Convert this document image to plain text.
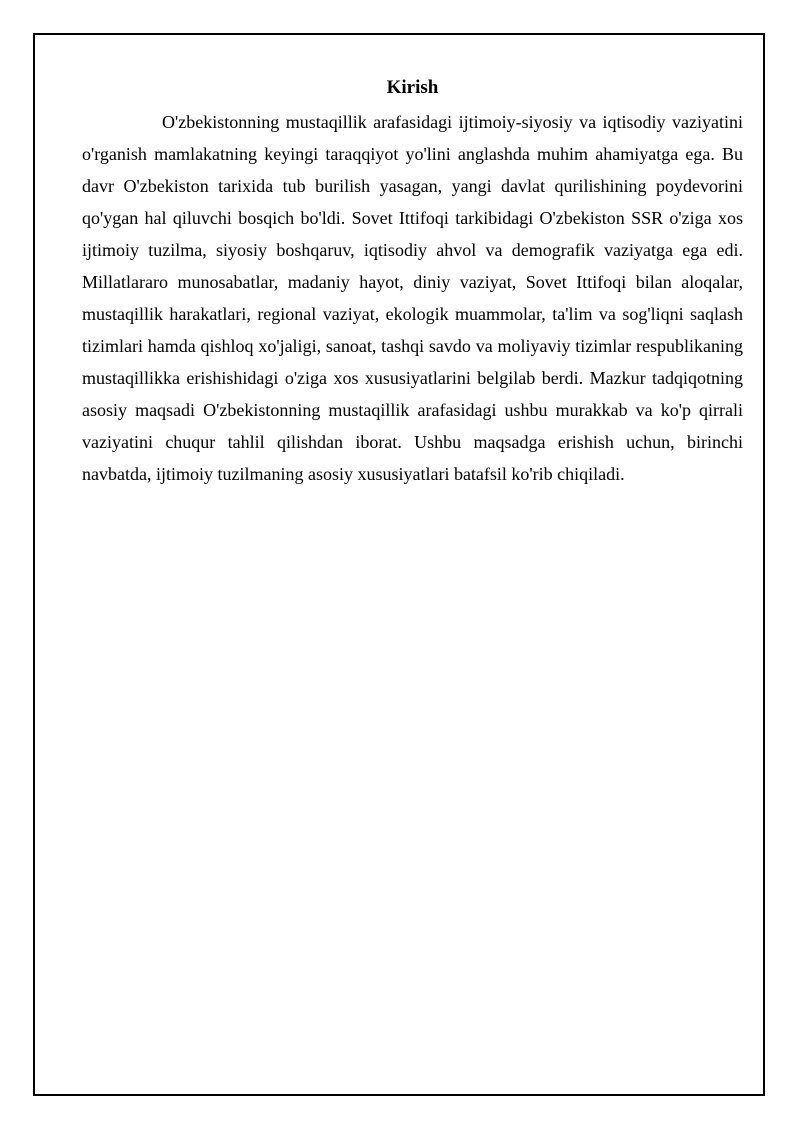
Kirish

O'zbekistonning mustaqillik arafasidagi ijtimoiy-siyosiy va iqtisodiy vaziyatini o'rganish mamlakatning keyingi taraqqiyot yo'lini anglashda muhim ahamiyatga ega. Bu davr O'zbekiston tarixida tub burilish yasagan, yangi davlat qurilishining poydevorini qo'ygan hal qiluvchi bosqich bo'ldi. Sovet Ittifoqi tarkibidagi O'zbekiston SSR o'ziga xos ijtimoiy tuzilma, siyosiy boshqaruv, iqtisodiy ahvol va demografik vaziyatga ega edi. Millatlararo munosabatlar, madaniy hayot, diniy vaziyat, Sovet Ittifoqi bilan aloqalar, mustaqillik harakatlari, regional vaziyat, ekologik muammolar, ta'lim va sog'liqni saqlash tizimlari hamda qishloq xo'jaligi, sanoat, tashqi savdo va moliyaviy tizimlar respublikaning mustaqillikka erishishidagi o'ziga xos xususiyatlarini belgilab berdi. Mazkur tadqiqotning asosiy maqsadi O'zbekistonning mustaqillik arafasidagi ushbu murakkab va ko'p qirrali vaziyatini chuqur tahlil qilishdan iborat. Ushbu maqsadga erishish uchun, birinchi navbatda, ijtimoiy tuzilmaning asosiy xususiyatlari batafsil ko'rib chiqiladi.
